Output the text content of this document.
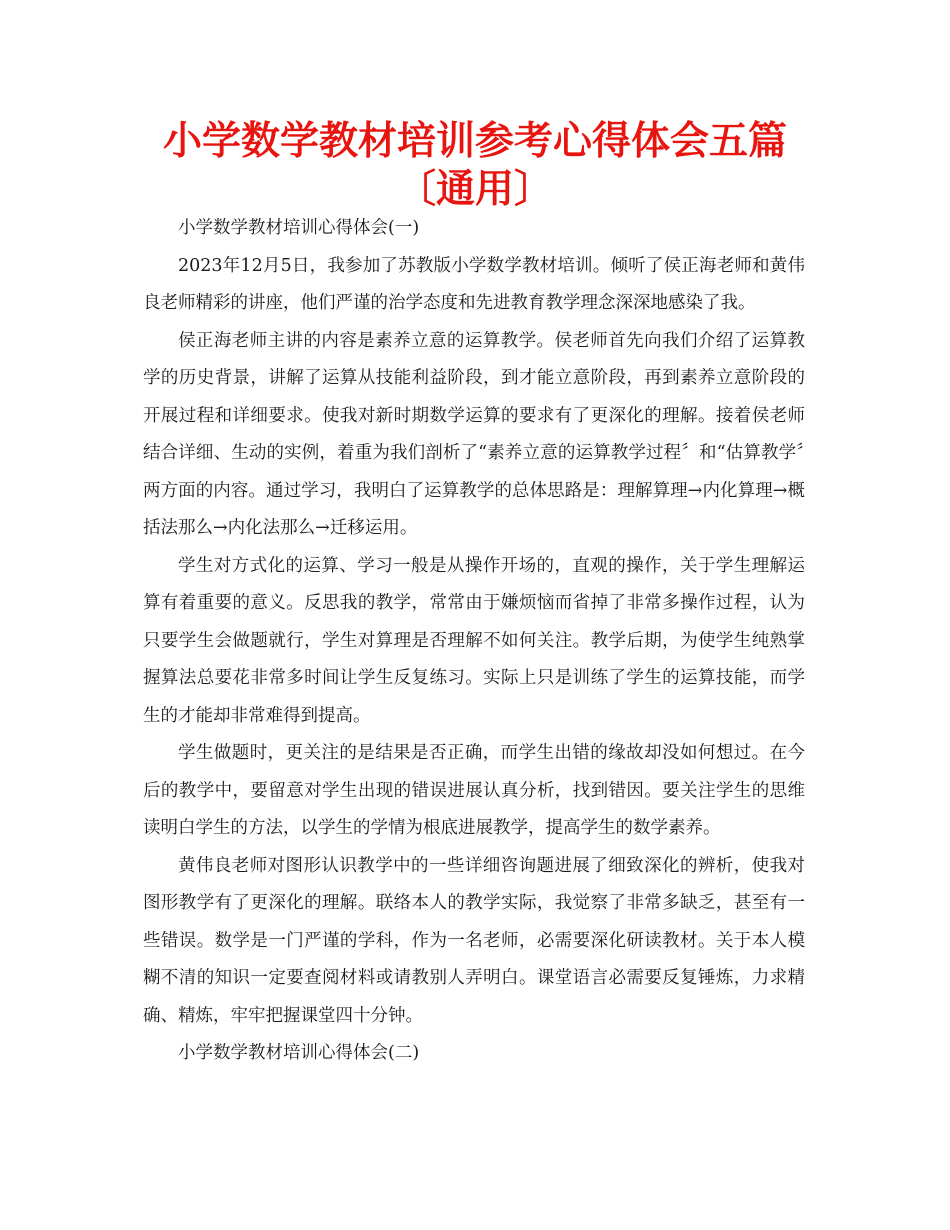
小学数学教材培训参考心得体会五篇〔通用〕

小学数学教材培训心得体会(一)

2023年12月5日，我参加了苏教版小学数学教材培训。倾听了侯正海老师和黄伟良老师精彩的讲座，他们严谨的治学态度和先进教育教学理念深深地感染了我。

侯正海老师主讲的内容是素养立意的运算教学。侯老师首先向我们介绍了运算教学的历史背景，讲解了运算从技能利益阶段，到才能立意阶段，再到素养立意阶段的开展过程和详细要求。使我对新时期数学运算的要求有了更深化的理解。接着侯老师结合详细、生动的实例，着重为我们剖析了“素养立意的运算教学过程〞和“估算教学〞两方面的内容。通过学习，我明白了运算教学的总体思路是：理解算理→内化算理→概括法那么→内化法那么→迁移运用。

学生对方式化的运算、学习一般是从操作开场的，直观的操作，关于学生理解运算有着重要的意义。反思我的教学，常常由于嫌烦恼而省掉了非常多操作过程，认为只要学生会做题就行，学生对算理是否理解不如何关注。教学后期，为使学生纯熟掌握算法总要花非常多时间让学生反复练习。实际上只是训练了学生的运算技能，而学生的才能却非常难得到提高。

学生做题时，更关注的是结果是否正确，而学生出错的缘故却没如何想过。在今后的教学中，要留意对学生出现的错误进展认真分析，找到错因。要关注学生的思维读明白学生的方法，以学生的学情为根底进展教学，提高学生的数学素养。

黄伟良老师对图形认识教学中的一些详细咨询题进展了细致深化的辨析，使我对图形教学有了更深化的理解。联络本人的教学实际，我觉察了非常多缺乏，甚至有一些错误。数学是一门严谨的学科，作为一名老师，必需要深化研读教材。关于本人模糊不清的知识一定要查阅材料或请教别人弄明白。课堂语言必需要反复锤炼，力求精确、精炼，牢牢把握课堂四十分钟。

小学数学教材培训心得体会(二)
